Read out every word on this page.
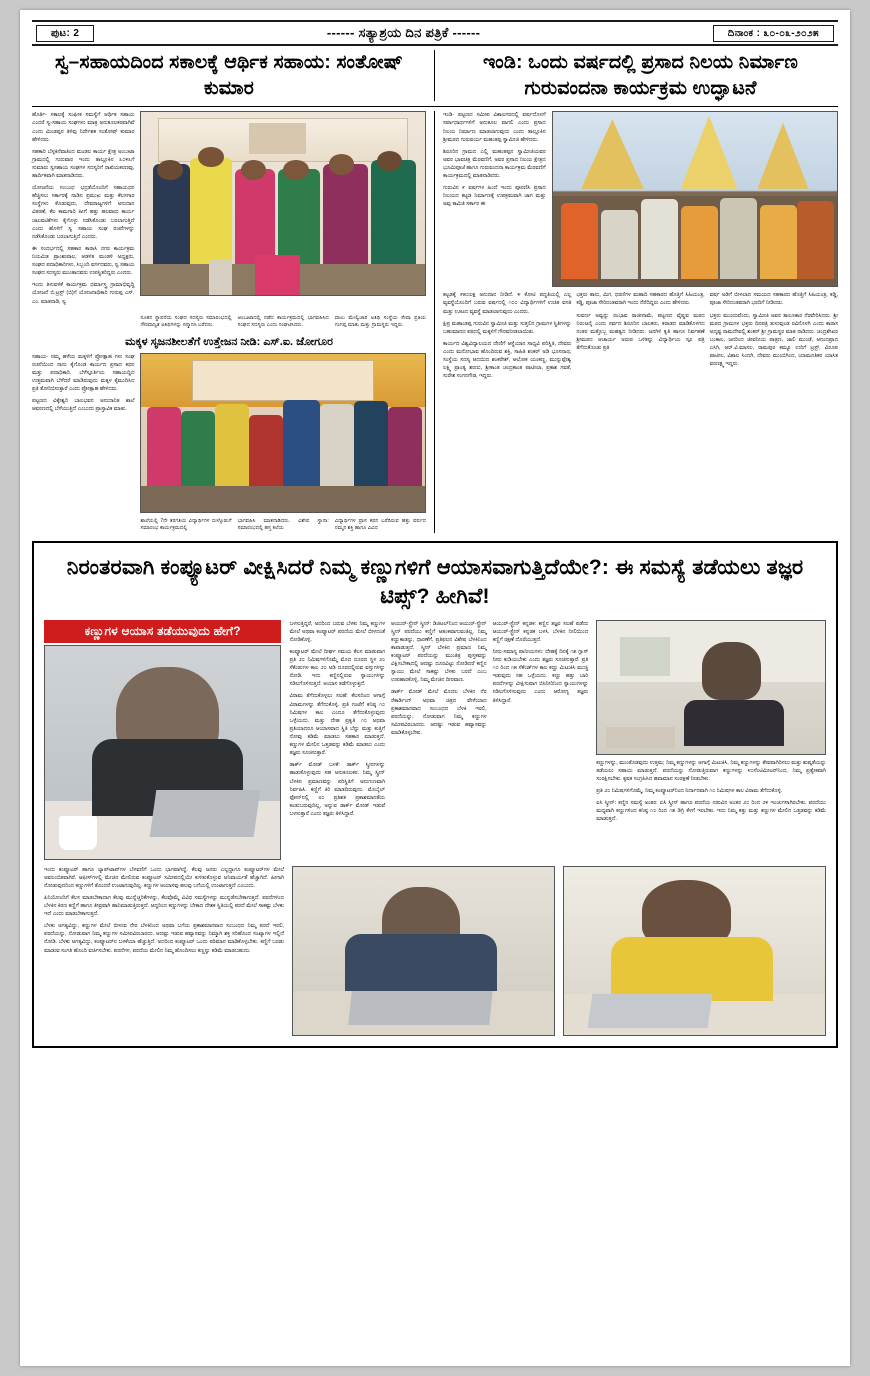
ಪುಟ: 2	------ ಸತ್ಯಾಶ್ರಯ ದಿನ ಪತ್ರಿಕೆ ------	ದಿನಾಂಕ : ೩೦-೦೩-೨೦೨೫
ಸ್ವ–ಸಹಾಯದಿಂದ ಸಕಾಲಕ್ಕೆ ಆರ್ಥಿಕ ಸಹಾಯ: ಸಂತೋಷ್ ಕುಮಾರ
ಇಂಡಿ: ಒಂದು ವರ್ಷದಲ್ಲಿ ಪ್ರಸಾದ ನಿಲಯ ನಿರ್ಮಾಣ ಗುರುವಂದನಾ ಕಾರ್ಯಕ್ರಮ ಉದ್ಘಾಟನೆ

ಹೊರ್ತಿ- ಸಕಾಲಕ್ಕೆ ಸಂಘೀಕ ಸಮಸ್ಯೆಗೆ ಆರ್ಥಿಕ ಸಹಾಯ ಎಂದರೆ ಸ್ವ-ಸಹಾಯ ಸಂಘಗಳು ಮಾತ್ರ ಅನುಕೂಲಕರವಾಗಿವೆ ಎಂದು ಮಿಂಡಪ್ಪನ ತಿಳಿವು ನಿರ್ದೇಶಕ ಸಂತೋಷ್ ಕುಮಾರ ಹೇಳಿದರು.

ಸಹಕಾರಿ ಬೆಳ್ಳಕಿನೆವಾತಿಂದ ಮಂಡಲ ಕಾರ್ಯ ಕ್ಷೇತ್ರ ಅಂಬಃಟಾ ಗ್ರಾಮದಲ್ಲಿ ಗುರುವಾರ ಇಂದು ತಾಲ್ಲೂಕಿನ ೩೦೪೩ಗೆ ಸುಮಾರು ಸ್ವಸಹಾಯ ಸಂಘಗಳ ಸದಸ್ಯರಿಗೆ ರಾಖಿಯಕರಣವು, ಹಾರ್ದಿಕವಾಗಿ ಮಾತನಾಡಿದರು.

ಯೋಜನೆಯ ಸಂಬಂಧ ಭದ್ರತೆಯೊಂದಿಗೆ ಸಹಾಯಧನ ಹೆಚ್ಚಿಸಲು ಸರ್ಕಾರಕ್ಕೆ ನಾಡಿನ ಪ್ರಮುಖ ಮತ್ತು ಕೆಲಸಗಾರ ಸಂಸ್ಥೆಗಳು ಕೊಡುವುದು, ದೇವರಾಜ್ಯಗಳಿಗೆ ಅನುದಾನ ವಿತರಣೆ, ಕೆಲ ಕಾಮಗಾರಿ ಹೀಗೆ ಹತ್ತು ಹಲವಾರು ಕಾರ್ಯ ಚಟುವಟಿಕೆಗಳು ಕೈಗೊಳ್ಳು ನಡೆಸಿಕೊಂಡು ಬರಲಾಗುತ್ತಿದೆ ಎಂದು ಹೊಳಿಗೆ ಸ್ವ ಸಹಾಯ ಸಂಘ ರಚನೆಗಳನ್ನು ನಡೆಸಿಕೊಂಡು ಬರಲಾಗುತ್ತಿದೆ ಎಂದರು.

ಈ ಸಂದರ್ಭದಲ್ಲಿ ಸಹಕಾರ ಕಾರಾಸಿ ನಗರ ಕಾರ್ಯಕ್ರಮ ನಿಯಮಿತ ಪ್ರಾಂಶುಪಾಲ, ಆಡಳಿತ ಮಂಡಳಿ ಅಧ್ಯಕ್ಷರು, ಸಂಘದ ಪದಾಧಿಕಾರಿಗಳು, ಸಿಬ್ಬಂದಿ ವರ್ಗದವರು, ಸ್ವ ಸಹಾಯ ಸಂಘದ ಸದಸ್ಯರು ಮುಂತಾದವರು ಉಪಸ್ಥಿತರಿದ್ದರು ಎಂದರು.

ಇಂದು ತಿಳುವಳಿಕೆ ಕಾರ್ಯಕ್ರಮ ಧರ್ಮಾಸ್ತ್ರ ಗ್ರಾಮಾಭಿವೃದ್ಧಿ ಯೋಜನೆ ಬಿ.ಟ್ರಸ್ಟ್ (ಬಿ)ಗೆ ಯೋಜನಾಧಿಕಾರಿ ಗುರುಪ್ಪ ಎಸ್. ಎಂ. ಮಾತನಾಡಿ, ಸ್ವ

ನೂತನ ಸ್ಥಾಪನೆಯ ಸಂಘದ ಸದಸ್ಯರು ಸಮಾರಂಭದಲ್ಲಿ ಗೌರವಾನ್ವಿತ ಅತಿಥಿಗಳನ್ನು ಸನ್ಮಾನಿಸಿ ಬರೆದರು.

ಆಂಬಃಟಾದಲ್ಲಿ ನಡೆದ ಕಾರ್ಯಕ್ರಮದಲ್ಲಿ ಭಾಗವಹಿಸಿದ ಸಂಘದ ಸದಸ್ಯರು ಎಂದು ಸಂಘಟಿಸಿದರು.

ವಾಲು ಮೇಲ್ವಿಚಾರಿ ಅತಿಥಿ ಸಂಸ್ಥೆಯ ಸೇವಾ ಪ್ರತಿಯ ಗಂಗಪ್ಪ ಮಾತು ಮತ್ತು ಗ್ರಾಮಸ್ಥರು ಇದ್ದರು.

ಮಕ್ಕಳ ಸೃಜನಶೀಲತೆಗೆ ಉತ್ತೇಜನ ನೀಡಿ: ಎಸ್.ಐ. ಜೋಗೂರ

ಸಹಾಯ- ನಮ್ಮ ಹಳೆಯ ಮಕ್ಕಳಿಗೆ ಪ್ರೋತ್ಸಾಹ ಗಳು ಸಂಘ ರಚನೆಯಿಂದ ನಾನು ಕೈಗೊಂಡ ಕಾರ್ಯದ ಪ್ರಸಾದ ಕಥನ ಮತ್ತು ಪದಾಧಿಕಾರಿ. ಬೆಳೆಸ್ಪೂರ್ತಿಯ ಸಹಾಯದ್ದಿದ ಉತ್ತಮವಾಗಿ ಬೆಳೆದರೆ ಮಾಡಿರುವುದು ಮಕ್ಕಳ ಕೈಮುದಿಸಿದ ಪ್ರತಿ ತೋರಿಬಿಸುತ್ತಾರೆ ಎಂದು ಪ್ರೋತ್ಸಾಹ ಹೇಳಿದರು.

ಪಟ್ಟಣದ ವಿಕ್ಕೇಶ್ವರಿ ಬಾಲಭವನ ಅನುದಾನಿತ ಶಾಲೆ ಆವರಣದಲ್ಲಿ ಬೆಳೆಯುತ್ತಿದೆ ಎಂಬುದು ಪ್ರಾಸ್ತಾವಿಕ ಮಾತು.

ಶಾಲೆಯಲ್ಲಿ 7ನೇ ತರಗತಿಯ ವಿದ್ಯಾರ್ಥಿಗಳ ಬೀಳ್ಕೊಡುಗೆ ಸಮಾರಂಭ ಕಾರ್ಯಕ್ರಮದಲ್ಲಿ

ಭಾಗವಹಿಸಿ ಮಾತನಾಡಿದರು. ವಿಶೇಷ ಸ್ಥಾನಾ: ಸಮಾರಂಭದಲ್ಲಿ ಹಸ್ತ ಕಲೆಯ

ವಿದ್ಯಾರ್ಥಿಗಳ ಪ್ರಾಸ ಕಥನ ಬರೆದಿರುವ ಹತ್ತು ವರ್ಷದ ನಮ್ಮನ ಶಕ್ತಿ ಹಾಗೂ ವಿವಿಧ

ಇಂಡಿ- ಪಟ್ಟಣದ ಸಮೀಪ ವಿಶಾಲಗರದಲ್ಲಿ ವರ್ಷದೊಳಗೆ ಸರ್ವಾಧಾರ್ಥಗಳಿಗೆ ಅನುಕೂಲ ವಾಗಲಿ ಎಂದು ಪ್ರಸಾದ ನಿಲಯ ನಿರ್ಮಾಣ ಮಾಡಲಾಗುವುದು ಎಂದು ತಾಲ್ಲೂಕಿನ ಶ್ರೀಮಠದ ಗುರುವರ್ಯ ಮಹಂತಪ್ಪ ಸ್ವಾಮೀಜಿ ಹೇಳಿದರು.

ಶಿರೂರಿನ ಗ್ರಾಮದ ಎಲ್ಲಿ ಮಹಂತಪ್ಪನ ಸ್ವಾಮೀಜಿಯವರ ಅವರ ಭಾವಚಿತ್ರ ಮೆರವಣಿಗೆ, ಅವರ ಪ್ರಸಾದ ನಿಲಯ ಕ್ಷೇತ್ರದ ಭೂಮಿಪೂಜೆ ಹಾಗೂ ಗುರುವಂದನಾ ಕಾರ್ಯಕ್ರಮ ಮೆರವಣಿಗೆ ಕಾರ್ಯಕ್ರಮದಲ್ಲಿ ಮಾತನಾಡಿದರು.

ಗುರುವಿನ ೯ ವರ್ಷಗಳ ಹಿಂದೆ ಇಂದು ಪೂರಣಿಸಿ ಪ್ರಸಾದ ನಿಲಯದ ಕಟ್ಟಡ ನಿರ್ಮಾಣಕ್ಕೆ ಉಪಕ್ರಮವಾಗಿ ಜಾಗ ಮತ್ತು ಅವು ಕಾಮಿತಿ ಸರ್ಕಾರ ಈ

ಕಟ್ಟಡಕ್ಕೆ ೯೫೦ಲಕ್ಷ ಅನುದಾನ ನೀಡಿದೆ. ೪ ಕೋಟಿ ಪದ್ಧತಿಯಲ್ಲಿ ಎಲ್ಲ ವ್ಯವಸ್ಥೆಯೊಂದಿಗೆ ಬರುವ ವರ್ಷದಲ್ಲಿ ೧೦೦ ವಿದ್ಯಾರ್ಥಿಗಳಿಗೆ ಉಚಿತ ವಸತಿ ಮತ್ತು ಊಟದ ವ್ಯವಸ್ಥೆ ಮಾಡಲಾಗುವುದು ಎಂದರು.

ಕ್ಷಿಪ್ರ ಮಹಾಂತಪ್ಪ ಗುರುವಿನ ಸ್ವಾಮೀಜಿ ಮತ್ತು ಸುತ್ತಲಿನ ಗ್ರಾಮಗಳ ಸ್ಥಿತಿಗಳನ್ನು ಬಹುಮಾನದ ಪಠದಲ್ಲಿ ಮಕ್ಕಳಿಗೆ ಗೌರವನೀಡಲಾಯಿತು.

ಕಾರ್ಯದ ವಿಶ್ವವಿದ್ಯಾಲಯದ ದೇಣಿಗೆ ಆಸ್ಥೆಯಾನ ಸಾಧ್ಯವಿ ಪರಿಸ್ಥಿತಿ, ದೇವರು ಎಂದು ಮನೋಭಾವ ಹೊಂದಿರುವ ಶಕ್ತಿ, ಸಾಹಿತಿ ಶಂಕರ್ ಅಡಿ ಭೂಸನಾಥ, ಸಂಸ್ಥೆಯ ಸದಸ್ಯ ಆದಯಿದ ಶಂಕರೇಶ್, ಆಲೋಕ ಯಂಕಣ್ಣ, ಮುನ್ನುಪ್ಪೇಶ್ವ ಲಕ್ಷ್ಮಿ ಪ್ರಾಂತ್ಯ ಶರಣು, ಶ್ರೀಕಾಂತ ಚಂದ್ರಕಾಂತ ಪಾಟೀಲಾ, ಪ್ರಕಾಶ ಗವತೆ, ಸುರೇಶ ಸಂಗನಗೌಡ, ಇದ್ದರು.

ಭಕ್ತರು ತಾನು, ಮಿಗ, ಧರಣಿಗಳ ಮಹಾದಿ ಸಹಕಾರದ ಹೊತ್ತಿಗೆ ಸಿಹಿಯಂತ್ರ, ಕಡ್ಡಿ, ಪೂಜಾ ಸೇರಿದಂತವರಾಗಿ ಇಂದು ನೆರೆದಿದ್ದರು ಎಂದು ಹೇಳಿದರು.

ಸುವರ್ಣ ಅವ್ವನ್ನು ರಂಭಾವ ರಾಜೀನಾಮೆ, ಪಟ್ಟಣದ ವೈಷ್ಣವ ಮಠದ ನಿರಂಜನೈ ಎಂದು ಸರ್ವದ ಶಿರೂರಿನ ಬಾಲಕರು, ಕರಾಡದ ಮಾಡಿಕೊಳಗದ ನಂತರ ಮತ್ತೊಬ್ಬ ಮಹತ್ವದ ನೀಡಿದರು. ಜನಗಿಳಿ ಕೃತಿ ಹಾಗೂ ನಿರ್ವಹಣೆ ಶ್ರೀಮಠದ ಆಚಾರ್ಯ ಅರುಪ ಒಳಿತನ್ನು ವಿದ್ಯಾರ್ಥಿಯ ಸ್ಪೂ ಪತ್ರಿ ತೆಗೆದುಕೊಂಡು ಪ್ರತಿ

ವರ್ಷ ಅಡಿಗೆ ಬೀಳಲಾದ ಸಮಯದ ಸಹಕಾರದ ಹೊತ್ತಿಗೆ ಸಿಹಿಯಂತ್ರ, ಕಡ್ಡಿ, ಪೂಜಾ ಸೇರಿದಂತವರಾಗಿ ಭರದಿಗೆ ನೀಡಿದರು.

ಭಕ್ತರು ಮುಂದುವೆಂದು, ಸ್ವಾಮೀಜಿ ಅವರ ತಾಲೂಕಾರ ನೆರವೇರಿಸಿದರು. ಶ್ರೀ ಮಠದ ಗ್ರಾಮಗಳ ಭಕ್ತರು ದಿನಪತ್ರಿ ತುಳುವುಂಡ ರವಿನೊಳಗಿ ಎಂದು ಕಾರಾಸ ಅದೃಷ್ಟ ರಾಮದೇವಲ್ಲಿ ಶಂಕರ್ ಶ್ರೀ ಗ್ರಾಮಸ್ಥರ ಮಾತ ನಾಡಿದರು. ಚಂದ್ರಶೇಖರ ಬಂಕಾಲ, ಜನರಿಂದ ಜೀವನೀಯ ಪಾತ್ರಣ, ಜಾಲಿ ಮುಂಡೆ, ಆನಂದಪ್ರಾದ ಎಸಿಗಿ, ಆರ್.ವಿ.ಮಾಸಲ, ರಾಮಪುರ ಕಮ್ಯೂ ಉರಿಗೆ ಟ್ರಸ್ಟ್, ವಿರೂಪ ಪಾಟೀಲ, ವಿಶಾಲ ಸಿಂದಗಿ, ದೇವರು ಮುಂಬಿಗಿಂದ, ಯಾಮನತಿಕರ ಯಾಸಿತ ವರಣಕ್ಷ್ಮ ಇದ್ದರು.

ನಿರಂತರವಾಗಿ ಕಂಪ್ಯೂಟರ್ ವೀಕ್ಷಿಸಿದರೆ ನಿಮ್ಮ ಕಣ್ಣುಗಳಿಗೆ ಆಯಾಸವಾಗುತ್ತಿದೆಯೇ?: ಈ ಸಮಸ್ಯೆ ತಡೆಯಲು ತಜ್ಞರ ಟಿಪ್ಸ್? ಹೀಗಿವೆ!
ಕಣ್ಣುಗಳ ಆಯಾಸ ತಡೆಯುವುದು ಹೇಗೆ?	ಬಳಸುತ್ತಿದ್ದರೆ, ಅದರಿಂದ ಬರುವ ಬೆಳಕು ನಿಮ್ಮ ಕಣ್ಣುಗಳ ಮೇಲೆ ಅಥವಾ ಕಂಪ್ಯೂಟರ್ ಪರದೆಯ ಮೇಲೆ ಬೀಳದಂತೆ ನೋಡಿಕೊಳ್ಳಿ.

ಕಂಪ್ಯೂಟರ್ ಮೇಲೆ ದೀರ್ಘ ಸಮಯ ಕೆಲಸ ಮಾಡುವಾಗ ಪ್ರತಿ ೨೦ ನಿಮಿಷಗಳಿಗೊಮ್ಮೆ ಮೊದ ದೂರದ ಸ್ಥಳ ೨೦ ಸೆಕೆಂಡುಗಳ ಕಾಲ ೨೦ ಅಡಿ ದೂರದಲ್ಲಿರುವ ವಸ್ತುಗಳನ್ನು ನೋಡಿ. ಇದು ಕಣ್ಣಿನಲ್ಲಿರುವ ಸ್ನಾಯುಗಳನ್ನು ಸಡಿಲಗೊಳಿಸುತ್ತದೆ. ಆಯಾಸ ತಡೆಗೊಳ್ಳುತ್ತದೆ.

ವಿರಾಮ ತೆಗೆದುಕೊಳ್ಳಲು ಸಲಹೆ: ಕೆಲಸದಿಂದ ಆಗಾಗ್ಗೆ ವಿರಾಮಗಳನ್ನು ತೆಗೆದುಕೊಳ್ಳಿ. ಪ್ರತಿ ಗಂಟೆಗೆ ಕನಿಷ್ಠ ೧೦ ನಿಮಿಷಗಳ ಕಾಲ ಎಂದೂ ತೆಗೆದುಕೊಳ್ಳುವುದು ಒಳ್ಳೆಯದು. ಮತ್ತು ದೇಹ ಪ್ರಕೃತಿ ೧೦ ಅಥವಾ ಪ್ರತಿಯಾದರೂ ಆಯಾಸವಾದ ಸ್ಥಿತಿ ಬೆನ್ನು ಮತ್ತು ಕುತ್ತಿಗೆ ನೋವು ಕಡಿಮೆ ಮಾಡಲು ಸಹಕಾರ ಮಾಡುತ್ತದೆ. ಕಣ್ಣುಗಳ ಮೇಲಿನ ಒತ್ತಡವನ್ನು ಕಡಿಮೆ ಮಾಡಲು ಎಂದು ತಜ್ಞರು ಸೂಚಿಸುತ್ತಾರೆ.

ಡಾರ್ಕ್ ಮೋಡ್ ಬಳಕೆ: ಡಾರ್ಕ್ ಸ್ಕ್ರೀನಗಳನ್ನು ಹಾಡುಕೊಳ್ಳುವುದು ಸಹ ಅನುಕೂಲಕರ. ನಿಮ್ಮ ಸ್ಕ್ರೀನ್ ಬೆಳಕಿನ ಪ್ರಮಾಣವನ್ನು ಪರಿಸ್ಥಿತಿಗೆ ಅನುಗುಣವಾಗಿ ನಿರ್ವಹಿಸಿ. ಕಣ್ಣಿಗೆ ಕಿರಿ ಮಾಡದಿರುವುದು. ಮೊಬೈಲ್ ಫೋನ್‌ನಲ್ಲಿ ೮೦ ಪ್ರತಿಶತ ಪ್ರಕಾಶಮಾನತೆಯ ಕಂಡುಬರುವುದಿಲ್ಲ, ಅನ್ನುವ ಡಾರ್ಕ್ ಮೋಡ್ ಇಡುವೆ ಬಳಸುತ್ತಾರೆ ಎಂದು ತಜ್ಞರು ತಿಳಿಸಿದ್ದಾರೆ.

ಆಯುರ್-ಸ್ಟ್ರೇನ್ ಸ್ಕ್ರೀನ್: ಡಿಜಿಟಲ್‌ನಿಂದ ಆಯುರ್-ಸ್ಟ್ರೇನ್ ಸ್ಕ್ರೀನ್ ಪರದೆಯು ಕಣ್ಣಿಗೆ ಆತಂಕವಾಗುವಂತಿಲ್ಲ. ನಿಮ್ಮ ಕಣ್ಣುಕಾಡನ್ನು, ಧಾರಣೆಗೆ, ಪ್ರತಿಫಲನ ವಿಶೇಷ ಬೆಳಕಿನಿಂದ ಕಾಪಾಡುತ್ತದೆ. ಸ್ಕ್ರೀನ್ ಬೆಳಕಿನ ಪ್ರಮಾಣ ನಿಮ್ಮ ಕಂಪ್ಯೂಟರ್ ಪರದೆಯನ್ನು ಮುಂತಿತ್ರ ಪುಸ್ತಕವನ್ನು ವಿಕ್ಷಿಸಬೇಕಾದಲ್ಲಿ ಆದಷ್ಟು ದೂರವಿಟ್ಟು ನೋಡಿದರೆ ಕಣ್ಣಿನ ಸ್ನಾಯು ಮೇಲೆ ಸಾಕಷ್ಟು ಬೆಳಕು ಬರದೆ ಎಂಬ ಉಪಹಾರಕೊಳ್ಳಿ. ನಿಮ್ಮ ಮೇಜಿನ ದೀರವಾಣ.

ಡಾರ್ಕ್ ಮೋಡ್ ಮೇಲೆ ಮೊದಲ ಬೆಳಕಿನ ನೆರ ರೆಕಾರ್ಡಿಂಗ್ ಅಥವಾ ಚಿತ್ರದ ವೇಳೆಯಾದ ಪ್ರಕಾಶಮಾನವಾದ ಸಂಬಂಧದ ಬೆಳಕಿ ಇರಲಿ, ಪರದೆಯನ್ನು, ನೋಡುವಾಗ ನಿಮ್ಮ ಕಣ್ಣುಗಳ ಸಮೀಪವಿರಬಾರದು. ಆದಷ್ಟು ಇಡುವ ಹವ್ಯಾಸವನ್ನು ಮಾಡಿಕೊಳ್ಳಬೇಕು.

ಆಯುರ್-ಸ್ಟ್ರೇನ್ ಕನ್ನಡಕ: ಕಣ್ಣಿನ ತಜ್ಞರ ಸಲಹೆ ಪಡೆದು ಆಯುರ್-ಸ್ಟ್ರೇನ್ ಕನ್ನಡಕ ಬಳಸಿ. ಬೆಳಕಿನ ನೀಲಿಯಿಂದ ಕಣ್ಣಿಗೆ ರಕ್ಷಣೆ ದೊರೆಯುತ್ತದೆ.

ನೀರು-ಸಮಾನ್ಯ ಪಾನೀಯಗಳು: ದೇಹಕ್ಕೆ ದಿನಕ್ಕೆ ೧೫ ಗ್ಲಾಸ್ ನೀರು ಕುಡಿಯಬೇಕು ಎಂದು ತಜ್ಞರು ಸೂಚಿಸುತ್ತಾರೆ. ಪ್ರತಿ ೧೦ ರಿಂದ ೧೫ ಸೆಕೆಂಡ್‌ಗಳ ಕಾಲ ಕಣ್ಣು ಮಿಟುಕಿಸಿ ಮುಚ್ಚಿ ಇಡುವುದು ಸಹ ಒಳ್ಳೆಯದು. ಕಣ್ಣು ಹತ್ತು ಬಾರಿ ಪರದೆಗಳನ್ನು ವೀಕ್ಷಿಸುವಾಗ ಬಿಸಿನೀರಿನಿಂದ ಸ್ನಾಯುಗಳನ್ನು ಸಡಿಲಗೊಳಿಸುವುದು ಎಂದು ಆರೋಗ್ಯ ತಜ್ಞರು ತಿಳಿಸಿದ್ದಾರೆ.

ಕಣ್ಣುಗಳನ್ನು, ಮುಂತೊಡವುದು ಉತ್ತಮ; ನಿಮ್ಮ ಕಣ್ಣುಗಳನ್ನು ಆಗಾಗ್ಗೆ ಮಿಟುಕಿಸಿ, ನಿಮ್ಮ ಕಣ್ಣುಗಳನ್ನು ತೇವವಾಗಿರಿಸಲು ಮತ್ತು ಶುಷ್ಕತೆಯನ್ನು ತಡೆಯಲು ಸಹಾಯ ಮಾಡುತ್ತದೆ. ಪರದೆಯನ್ನು ನೋಡುತ್ತಿರುವಾಗ ಕಣ್ಣುಗಳನ್ನು ೪೦ಸೆಂಟಿಮೀಟರ್‌ನಿಂದ, ನಿಮ್ಮ ಪ್ರತ್ಯೇಕವಾಗಿ ಸಂರಕ್ಷಿಸಬೇಕು. ಕೃಷಕ ಸಂಗ್ರಹಿಸಿದ ಹವಾಮಾನ ಸಂರಕ್ಷಣೆ ನೀಡಬೇಕು.

ಪ್ರತಿ ೨೦ ನಿಮಿಷಗಳಿಗೊಮ್ಮೆ, ನಿಮ್ಮ ಕಂಪ್ಯೂಟರ್‌ನಿಂದ ನಿರ್ದಾನವಾಗಿ ೧೦ ನಿಮಿಷಗಳ ಕಾಲ ವಿರಾಮ ತೆಗೆದುಕೊಳ್ಳಿ.

ಏಸಿ ಸ್ಕ್ರೀನ್: ಕಣ್ಣಿನ ಸಮಸ್ಯೆ ಅಂತರ: ಏಸಿ ಸ್ಕ್ರೀನ್ ಹಾಗೂ ಪರದೆಯ ನಡುವಿನ ಅಂತರ ೨೦ ರಿಂದ ೨೪ ಇಂಚುಗಳಾಗಿರಬೇಕು. ಪರದೆಯು ಮಧ್ಯವಾಗಿ ಕಣ್ಣುಗಳಿಂದ ಕನಿಷ್ಠ ೧೦ ರಿಂದ ೧೫ ಡಿಗ್ರಿ ಕೆಳಗೆ ಇರಬೇಕು. ಇದು ನಿಮ್ಮ ಕತ್ತು ಮತ್ತು ಕಣ್ಣುಗಳ ಮೇಲಿನ ಒತ್ತಡವನ್ನು ಕಡಿಮೆ ಮಾಡುತ್ತದೆ.

ಇಂದು ಕಂಪ್ಯೂಟರ್ ಹಾಗೂ ಲ್ಯಾಪ್‌ಟಾಪ್‌ಗಳ ಬೆಳವಣಿಗೆ ಒಂದು ಭಾಗವಾಗಿದ್ದೆ. ಕೆಲವು ಜನರು ಎಲ್ಲದ್ದಾಗೂ ಕಂಪ್ಯೂಟರ್‌ಗಳ ಮೇಲೆ ಅವಲಂಬಿತವಾಗಿರೆ. ಆಫೀಸ್‌ಗಳಲ್ಲಿ ಮೇಜಿನ ಮೇಲಿರುವ ಕಂಪ್ಯೂಟರ್ ಸಮೀಪದಲ್ಲಿಯೇ ಕುಳಿತುಕೊಳ್ಳುವ ಅನಿವಾರ್ಯತೆ ಹೆಚ್ಚಾಗಿದೆ. ಹೀಗಾಗಿ ನೋಡುವುದರಿಂದ ಕಣ್ಣುಗಳಿಗೆ ತೊಂದರೆ ಉಂಟಾಗುವುದಿಲ್ಲ. ಕಣ್ಣುಗಳ ಆಯಾಸವು ಹಲವು ಬಗೆಯಲ್ಲಿ ಉಂಟಾಗುತ್ತದೆ ಎಂಬುದು.

ಪಿನಿಯೋಂದಿಗೆ ಕೆಲಸ ಮಾಡಬೇಕಾದಾಗ ಕೆಲವು ಮುನ್ನೆಚ್ಚರಿಕೆಗಳನ್ನು, ಕೆಲವೊಮ್ಮೆ ವಿವಿಧ ಸಮಸ್ಯೆಗಳನ್ನು ಮುನ್ನಡೆಸಬೇಕಾಗುತ್ತದೆ. ಪರದೆಗಳಿಂದ ಬೆಳಕಿನ ಕಿರಣ ಕಣ್ಣಿಗೆ ಹಾಗೂ ತೀವ್ರವಾಗಿ ಹಾನಿಮಾಡುತ್ತಿರುತ್ತದೆ. ಆದ್ದರಿಂದ ಕಣ್ಣುಗಳನ್ನು ಬೇಕಾದ ದೇಶಕ ಸ್ಥಿತಿಯಲ್ಲಿ ಪರದೆ ಮೇಲೆ ಸಾಕಷ್ಟು ಬೆಳಕು ಇದೆ ಎಂದು ಮಾಡಬೇಕಾಗುತ್ತದೆ.

ಬೆಳಕು ಅಗತ್ಯವಿದ್ದು, ಕಣ್ಣುಗಳ ಮೇಲೆ ಬೀಳುವ ನೇರ ಬೆಳಕಿನಿಂದ ಅಥವಾ ಬಗೆಯ ಪ್ರಕಾಶಮಾನವಾದ ಸಂಬಂಧದ ನಿಮ್ಮ ಪರದೆ ಇರಲಿ, ಪರದೆಯನ್ನು, ನೋಡುವಾಗ ನಿಮ್ಮ ಕಣ್ಣುಗಳ ಸಮೀಪವಿರಬಾರದು. ಆದಷ್ಟು ಇಡುವ ಹವ್ಯಾಸವನ್ನು ನಿಮ್ಮಾಗಿ ಶಕ್ತ ಸರಿಹೊಂದ ಸಂಖ್ಯಾಗಳ ಇಲ್ಲಿದೆ ನೋಡಿ. ಬೆಳಕು ಅಗತ್ಯವಿದ್ದು, ಕಂಪ್ಯೂಟರ್‌ನ ಬಳಕೆಯಾ ಹೆಚ್ಚುತ್ತಿದೆ. ಅದರಿಂದ ಕಂಪ್ಯೂಟರ್ ಒಂದು ಪಠಿಮಾನ ಮಾಡಿಕೊಳ್ಳಬೇಕು. ಕಣ್ಣಿಗೆ ಬರಡು ಮಾಡುವ ಸಂಗತಿ ಹೊಂದಿ ವರ್ಚಿಸಬೇಕು. ಪರದೆಗಳ, ಪರದೆಯ ಮೇಲಿನ ನಿಮ್ಮ ಹೊಂದಿಸಲು ಕಣ್ಣನ್ನು ಕಡಿಮೆ ಮಾಡಬಹುದು.
